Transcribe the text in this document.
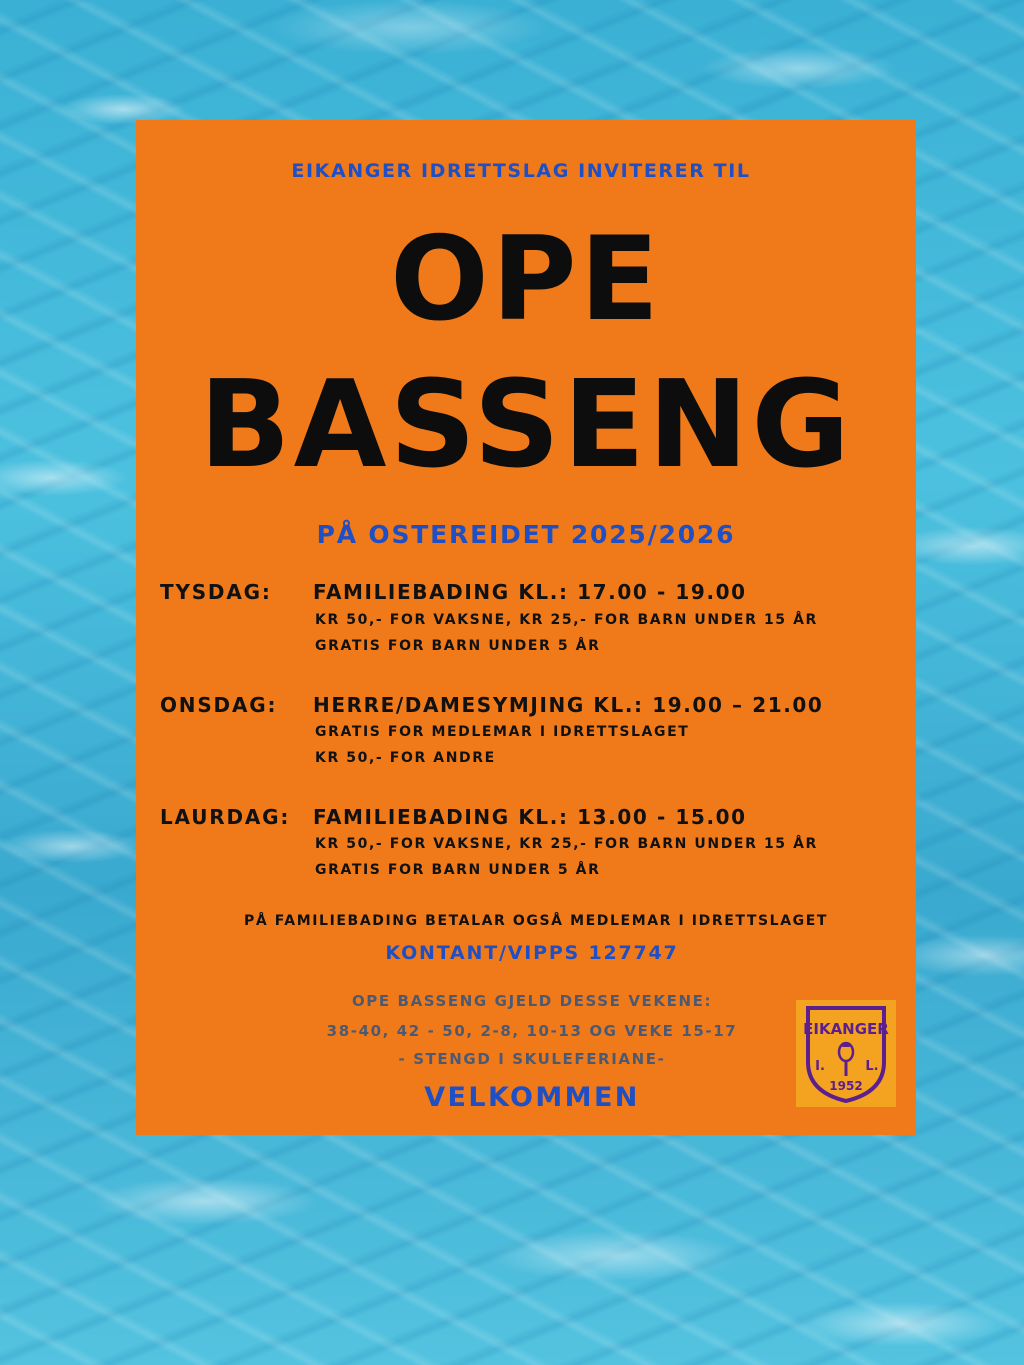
EIKANGER IDRETTSLAG INVITERER TIL

OPE

BASSENG

PÅ OSTEREIDET 2025/2026

TYSDAG: FAMILIEBADING KL.: 17.00 - 19.00

KR 50,- FOR VAKSNE, KR 25,- FOR BARN UNDER 15 ÅR

GRATIS FOR BARN UNDER 5 ÅR

ONSDAG: HERRE/DAMESYMJING KL.: 19.00 – 21.00

GRATIS FOR MEDLEMAR I IDRETTSLAGET

KR 50,- FOR ANDRE

LAURDAG: FAMILIEBADING KL.: 13.00 - 15.00

KR 50,- FOR VAKSNE, KR 25,- FOR BARN UNDER 15 ÅR

GRATIS FOR BARN UNDER 5 ÅR

PÅ FAMILIEBADING BETALAR OGSÅ MEDLEMAR I IDRETTSLAGET

KONTANT/VIPPS 127747

OPE BASSENG GJELD DESSE VEKENE:

38-40, 42 - 50, 2-8, 10-13 OG VEKE 15-17

- STENGD I SKULEFERIANE-

VELKOMMEN

EIKANGER
I.	L.
1952
